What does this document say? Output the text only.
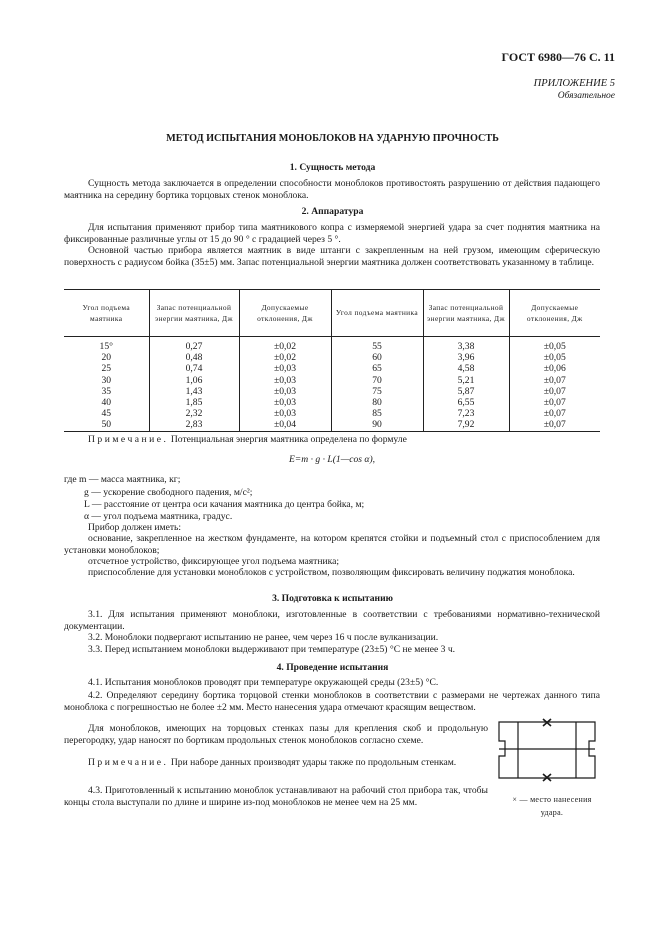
ГОСТ 6980—76 С. 11
ПРИЛОЖЕНИЕ 5
Обязательное
МЕТОД ИСПЫТАНИЯ МОНОБЛОКОВ НА УДАРНУЮ ПРОЧНОСТЬ
1. Сущность метода
Сущность метода заключается в определении способности моноблоков противостоять разрушению от действия падающего маятника на середину бортика торцовых стенок моноблока.
2. Аппаратура
Для испытания применяют прибор типа маятникового копра с измеряемой энергией удара за счет поднятия маятника на фиксированные различные углы от 15 до 90 ° с градацией через 5 °.
Основной частью прибора является маятник в виде штанги с закрепленным на ней грузом, имеющим сферическую поверхность с радиусом бойка (35±5) мм. Запас потенциальной энергии маятника должен соответствовать указанному в таблице.
Угол подъема маятника	Запас потенциальной энергии маятника, Дж	Допускаемые отклонения, Дж	Угол подъема маятника	Запас потенциальной энергии маятника, Дж	Допускаемые отклонения, Дж
15°	0,27	±0,02	55	3,38	±0,05
20	0,48	±0,02	60	3,96	±0,05
25	0,74	±0,03	65	4,58	±0,06
30	1,06	±0,03	70	5,21	±0,07
35	1,43	±0,03	75	5,87	±0,07
40	1,85	±0,03	80	6,55	±0,07
45	2,32	±0,03	85	7,23	±0,07
50	2,83	±0,04	90	7,92	±0,07
Примечание. Потенциальная энергия маятника определена по формуле
E=m · g · L(1—cos α),
где m — масса маятника, кг;
g — ускорение свободного падения, м/с²;
L — расстояние от центра оси качания маятника до центра бойка, м;
α — угол подъема маятника, градус.
Прибор должен иметь:
основание, закрепленное на жестком фундаменте, на котором крепятся стойки и подъемный стол с приспособлением для установки моноблоков;
отсчетное устройство, фиксирующее угол подъема маятника;
приспособление для установки моноблоков с устройством, позволяющим фиксировать величину поджатия моноблока.
3. Подготовка к испытанию
3.1. Для испытания применяют моноблоки, изготовленные в соответствии с требованиями нормативно-технической документации.
3.2. Моноблоки подвергают испытанию не ранее, чем через 16 ч после вулканизации.
3.3. Перед испытанием моноблоки выдерживают при температуре (23±5) °С не менее 3 ч.
4. Проведение испытания
4.1. Испытания моноблоков проводят при температуре окружающей среды (23±5) °С.
4.2. Определяют середину бортика торцовой стенки моноблоков в соответствии с размерами не чертежах данного типа моноблока с погрешностью не более ±2 мм. Место нанесения удара отмечают красящим веществом.
Для моноблоков, имеющих на торцовых стенках пазы для крепления скоб и продольную перегородку, удар наносят по бортикам продольных стенок моноблоков согласно схеме.
Примечание. При наборе данных производят удары также по продольным стенкам.
4.3. Приготовленный к испытанию моноблок устанавливают на рабочий стол прибора так, чтобы концы стола выступали по длине и ширине из-под моноблоков не менее чем на 25 мм.	× — место нанесения
удара.
